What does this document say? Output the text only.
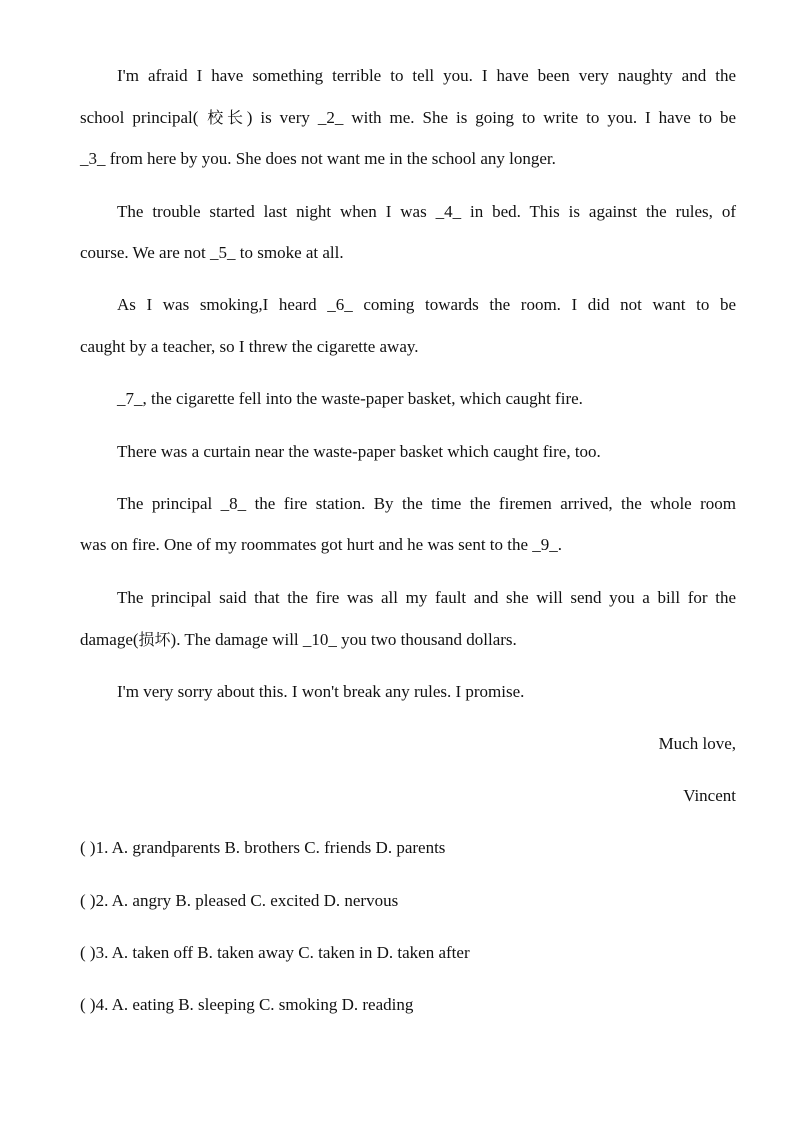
I'm afraid I have something terrible to tell you. I have been very naughty and the
school principal( 校长) is very _2_ with me. She is going to write to you. I have to be
_3_ from here by you. She does not want me in the school any longer.
The trouble started last night when I was _4_ in bed. This is against the rules, of
course. We are not _5_ to smoke at all.
As I was smoking,I heard _6_ coming towards the room. I did not want to be
caught by a teacher, so I threw the cigarette away.
_7_, the cigarette fell into the waste-paper basket, which caught fire.
There was a curtain near the waste-paper basket which caught fire, too.
The principal _8_ the fire station. By the time the firemen arrived, the whole room
was on fire. One of my roommates got hurt and he was sent to the _9_.
The principal said that the fire was all my fault and she will send you a bill for the
damage(损坏). The damage will _10_ you two thousand dollars.
I'm very sorry about this. I won't break any rules. I promise.
Much love,
Vincent
( )1. A. grandparents B. brothers C. friends D. parents
( )2. A. angry B. pleased C. excited D. nervous
( )3. A. taken off B. taken away C. taken in D. taken after
( )4. A. eating B. sleeping C. smoking D. reading
